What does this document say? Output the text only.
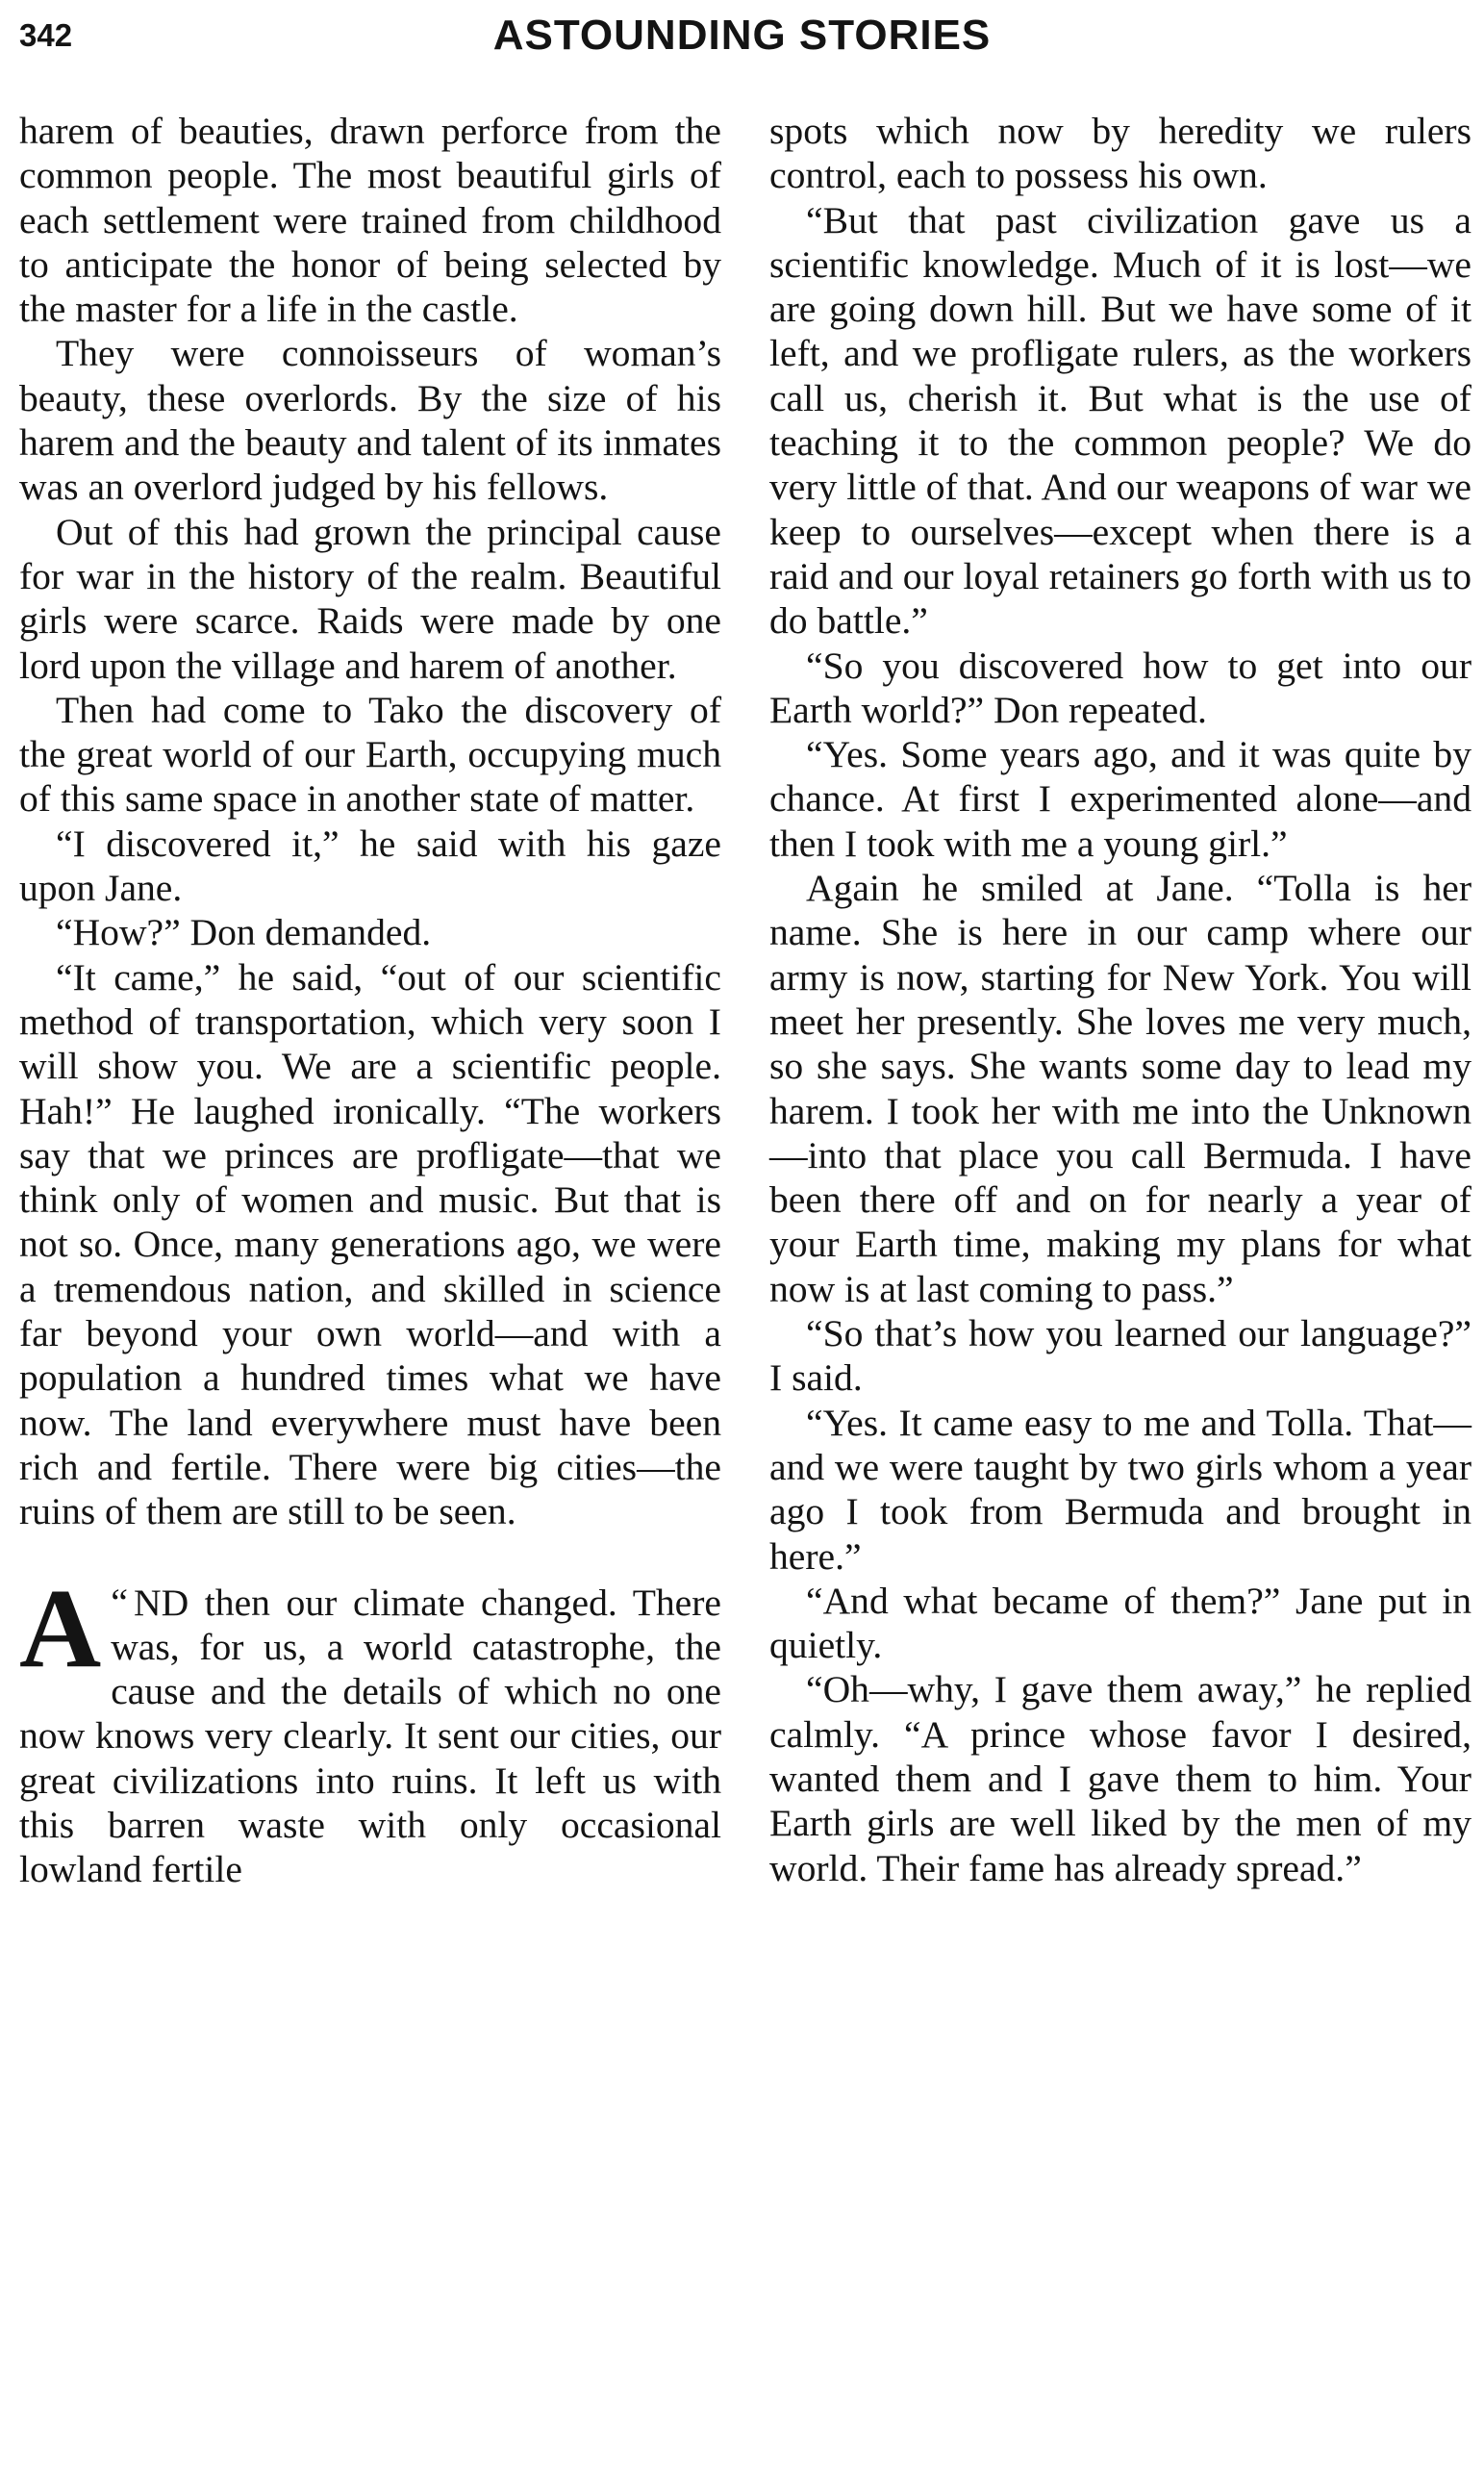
342	ASTOUNDING STORIES

harem of beauties, drawn perforce from the common people. The most beautiful girls of each settlement were trained from childhood to anticipate the honor of being selected by the master for a life in the castle.

They were connoisseurs of woman’s beauty, these overlords. By the size of his harem and the beauty and talent of its inmates was an overlord judged by his fellows.

Out of this had grown the principal cause for war in the history of the realm. Beautiful girls were scarce. Raids were made by one lord upon the village and harem of another.

Then had come to Tako the discovery of the great world of our Earth, occupying much of this same space in another state of matter.

“I discovered it,” he said with his gaze upon Jane.

“How?” Don demanded.

“It came,” he said, “out of our scientific method of transportation, which very soon I will show you. We are a scientific people. Hah!” He laughed ironically. “The workers say that we princes are profligate—that we think only of women and music. But that is not so. Once, many generations ago, we were a tremendous nation, and skilled in science far beyond your own world—and with a population a hundred times what we have now. The land everywhere must have been rich and fertile. There were big cities—the ruins of them are still to be seen.

“
A ND then our climate changed. There was, for us, a world catastrophe, the cause and the details of which no one now knows very clearly. It sent our cities, our great civilizations into ruins. It left us with this barren waste with only occasional lowland fertile

spots which now by heredity we rulers control, each to possess his own.

“But that past civilization gave us a scientific knowledge. Much of it is lost—we are going down hill. But we have some of it left, and we profligate rulers, as the workers call us, cherish it. But what is the use of teaching it to the common people? We do very little of that. And our weapons of war we keep to ourselves—except when there is a raid and our loyal retainers go forth with us to do battle.”

“So you discovered how to get into our Earth world?” Don repeated.

“Yes. Some years ago, and it was quite by chance. At first I experimented alone—and then I took with me a young girl.”

Again he smiled at Jane. “Tolla is her name. She is here in our camp where our army is now, starting for New York. You will meet her presently. She loves me very much, so she says. She wants some day to lead my harem. I took her with me into the Unknown—into that place you call Bermuda. I have been there off and on for nearly a year of your Earth time, making my plans for what now is at last coming to pass.”

“So that’s how you learned our language?” I said.

“Yes. It came easy to me and Tolla. That—and we were taught by two girls whom a year ago I took from Bermuda and brought in here.”

“And what became of them?” Jane put in quietly.

“Oh—why, I gave them away,” he replied calmly. “A prince whose favor I desired, wanted them and I gave them to him. Your Earth girls are well liked by the men of my world. Their fame has already spread.”
